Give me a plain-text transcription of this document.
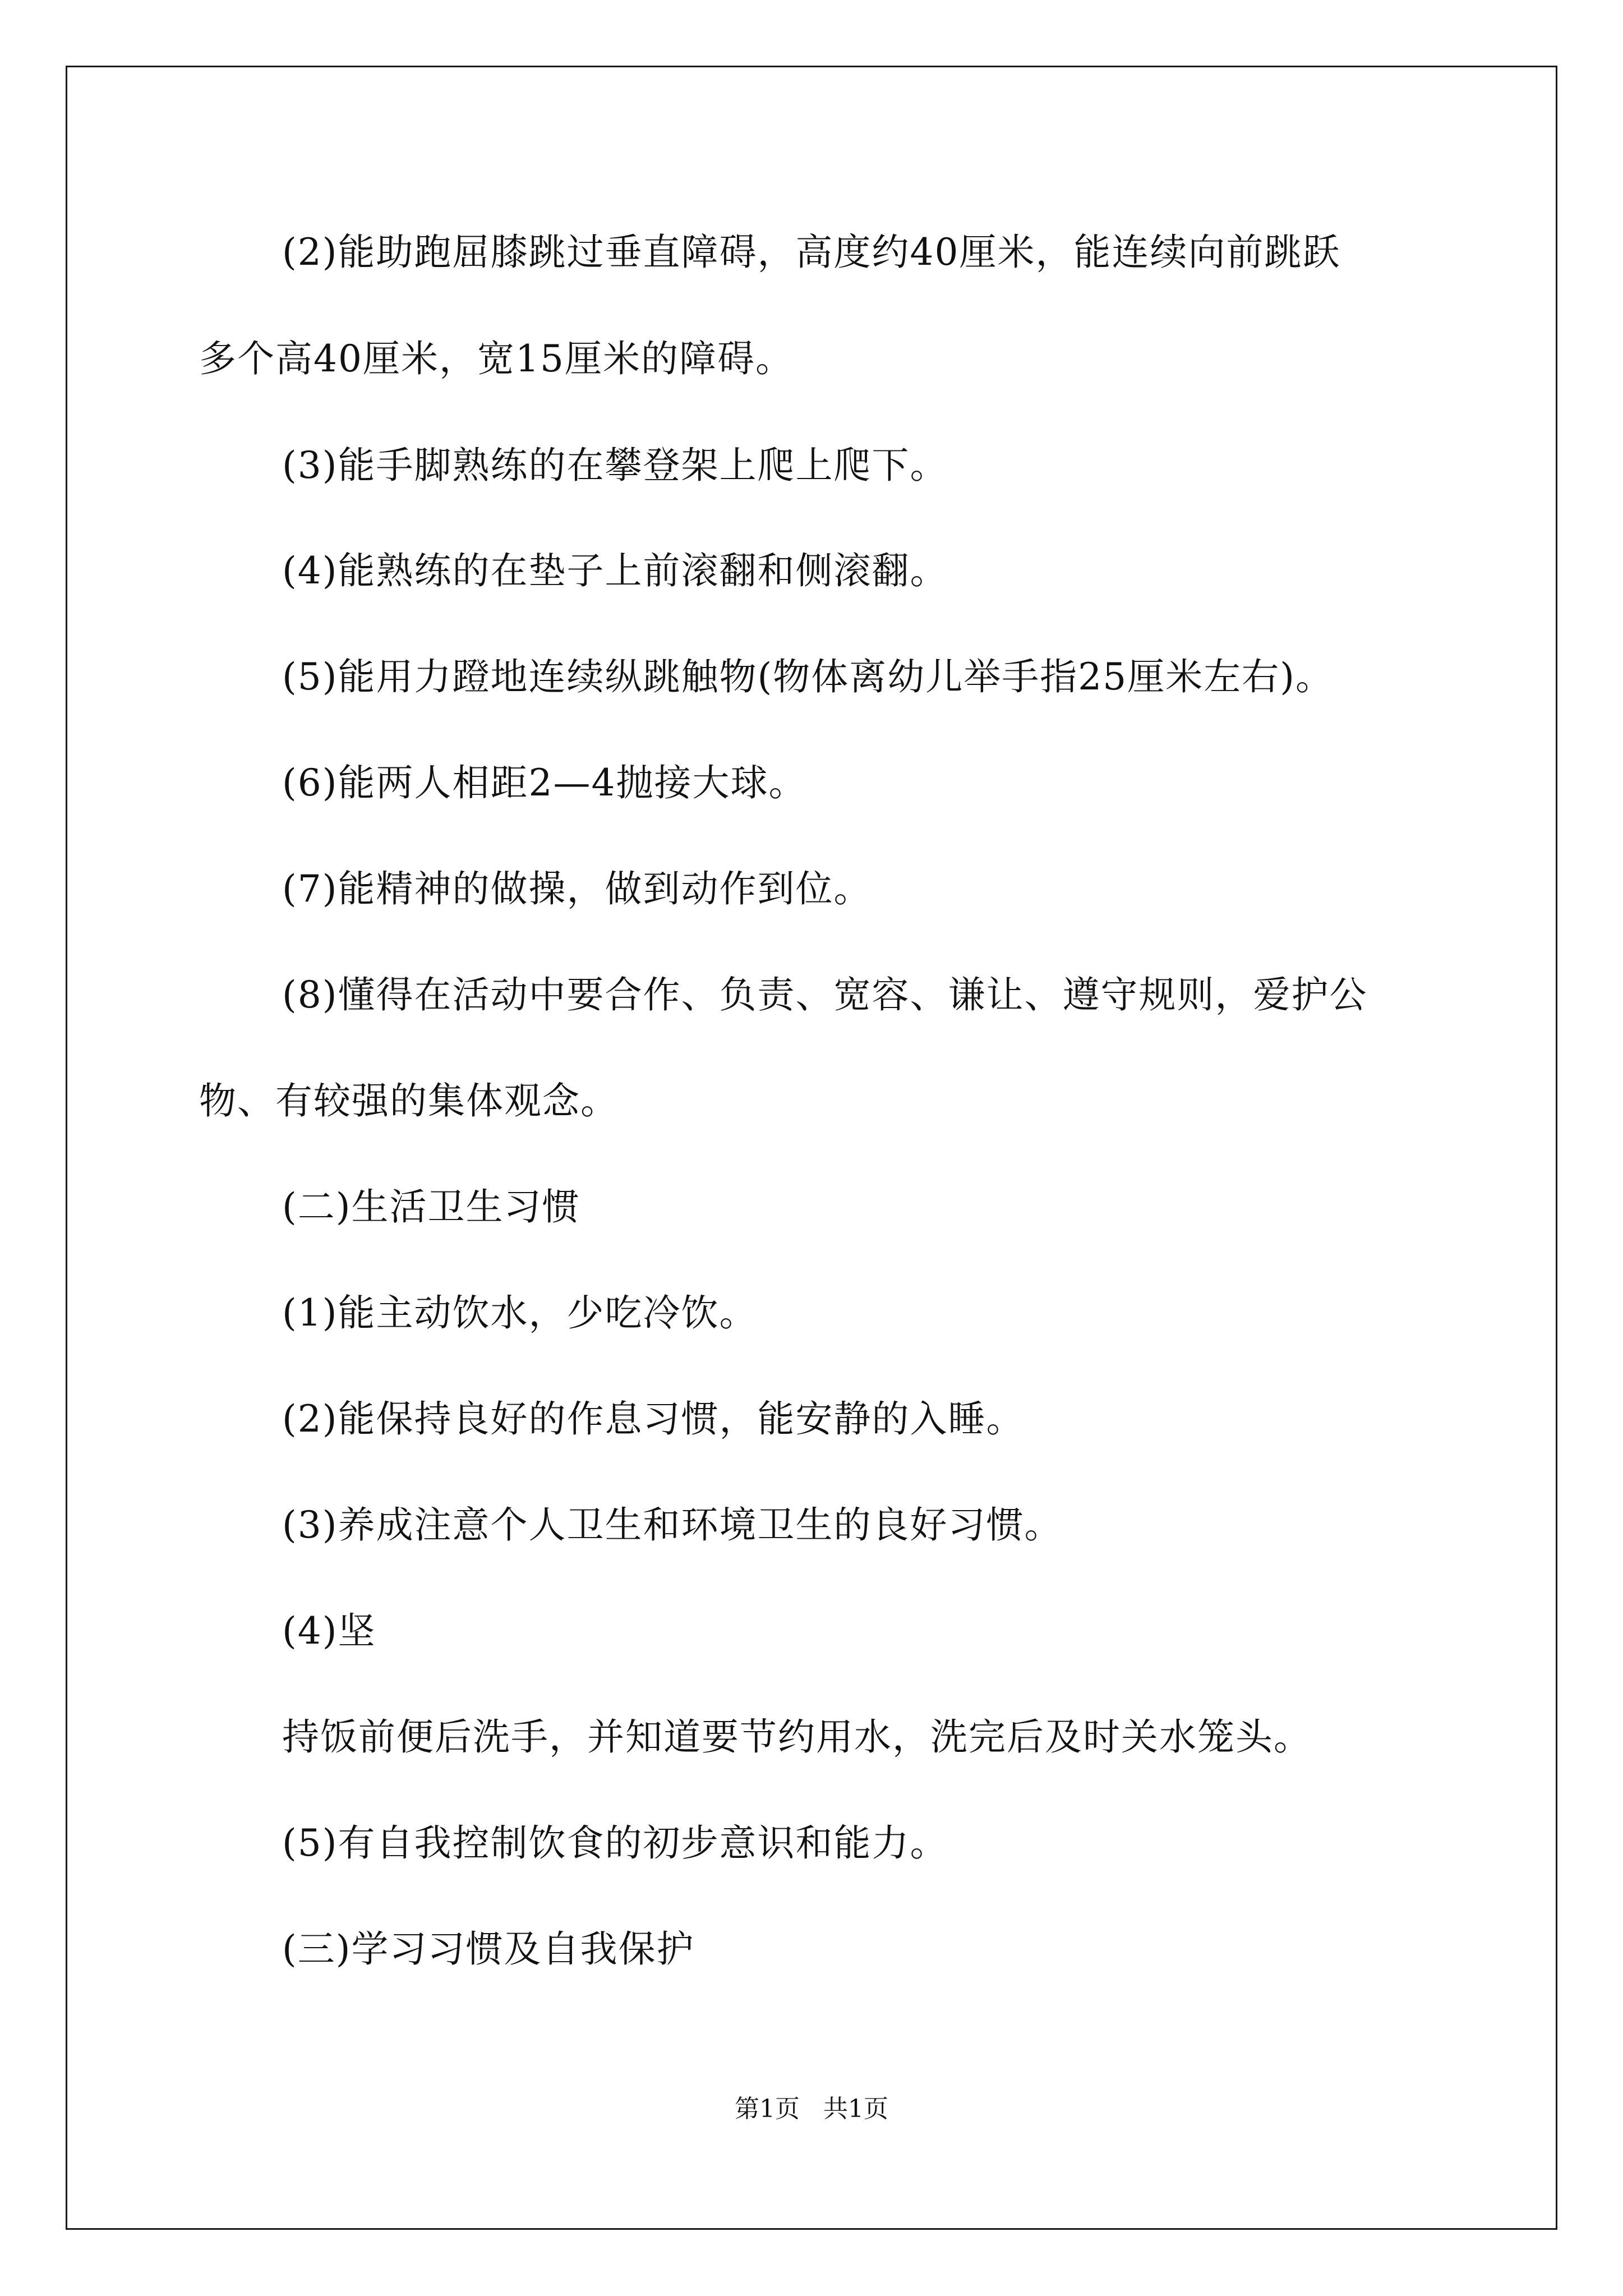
(2)能助跑屈膝跳过垂直障碍，高度约40厘米，能连续向前跳跃
多个高40厘米，宽15厘米的障碍。
(3)能手脚熟练的在攀登架上爬上爬下。
(4)能熟练的在垫子上前滚翻和侧滚翻。
(5)能用力蹬地连续纵跳触物(物体离幼儿举手指25厘米左右)。
(6)能两人相距2—4抛接大球。
(7)能精神的做操，做到动作到位。
(8)懂得在活动中要合作、负责、宽容、谦让、遵守规则，爱护公
物、有较强的集体观念。
(二)生活卫生习惯
(1)能主动饮水，少吃冷饮。
(2)能保持良好的作息习惯，能安静的入睡。
(3)养成注意个人卫生和环境卫生的良好习惯。
(4)坚
持饭前便后洗手，并知道要节约用水，洗完后及时关水笼头。
(5)有自我控制饮食的初步意识和能力。
(三)学习习惯及自我保护
第1页   共1页
